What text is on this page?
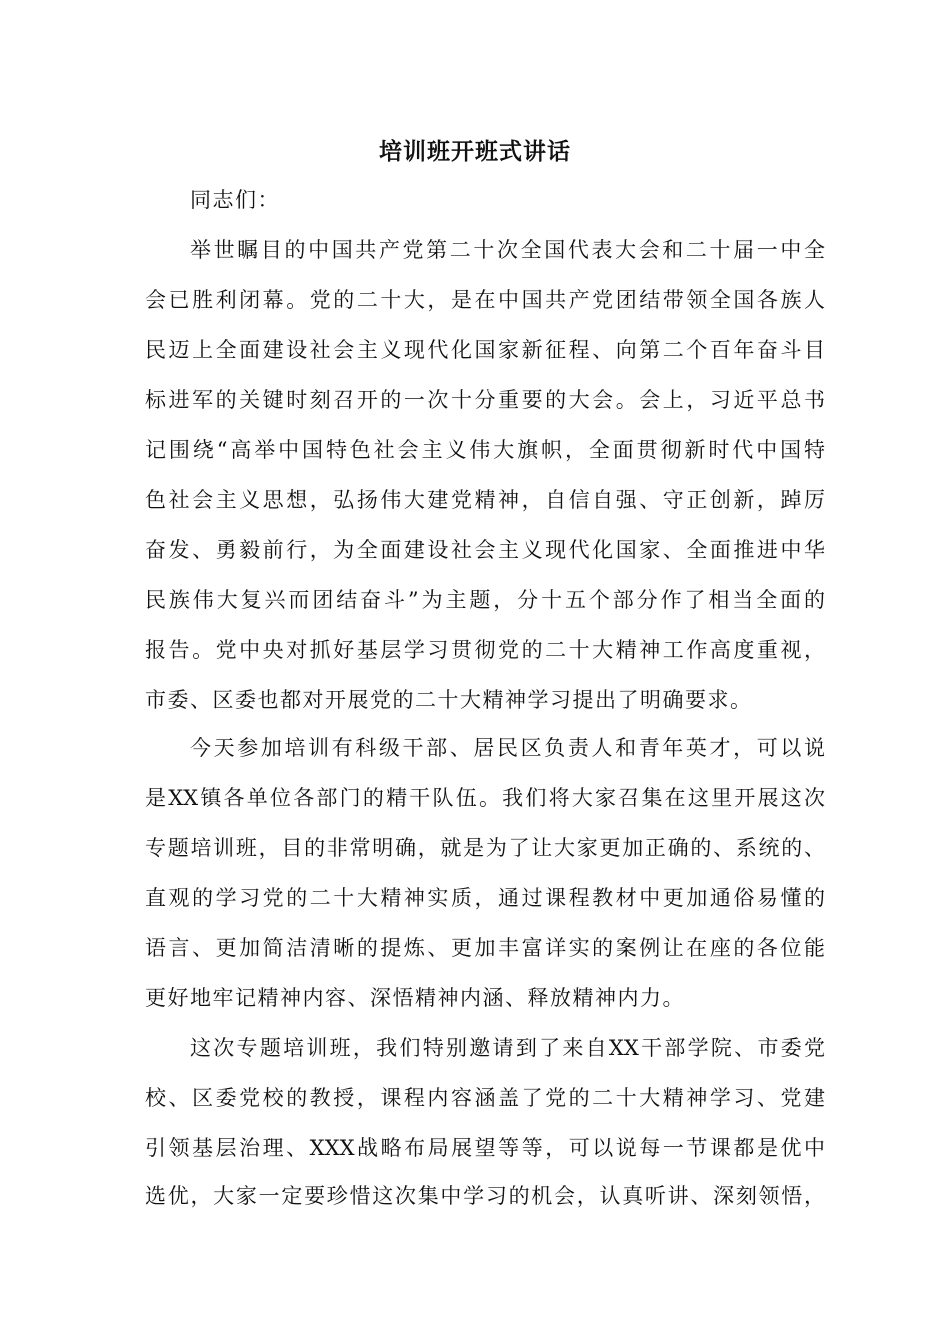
培训班开班式讲话
同志们：
举世瞩目的中国共产党第二十次全国代表大会和二十届一中全
会已胜利闭幕。党的二十大，是在中国共产党团结带领全国各族人
民迈上全面建设社会主义现代化国家新征程、向第二个百年奋斗目
标进军的关键时刻召开的一次十分重要的大会。会上，习近平总书
记围绕“高举中国特色社会主义伟大旗帜，全面贯彻新时代中国特
色社会主义思想，弘扬伟大建党精神，自信自强、守正创新，踔厉
奋发、勇毅前行，为全面建设社会主义现代化国家、全面推进中华
民族伟大复兴而团结奋斗”为主题，分十五个部分作了相当全面的
报告。党中央对抓好基层学习贯彻党的二十大精神工作高度重视，
市委、区委也都对开展党的二十大精神学习提出了明确要求。
今天参加培训有科级干部、居民区负责人和青年英才，可以说
是XX镇各单位各部门的精干队伍。我们将大家召集在这里开展这次
专题培训班，目的非常明确，就是为了让大家更加正确的、系统的、
直观的学习党的二十大精神实质，通过课程教材中更加通俗易懂的
语言、更加简洁清晰的提炼、更加丰富详实的案例让在座的各位能
更好地牢记精神内容、深悟精神内涵、释放精神内力。
这次专题培训班，我们特别邀请到了来自XX干部学院、市委党
校、区委党校的教授，课程内容涵盖了党的二十大精神学习、党建
引领基层治理、XXX战略布局展望等等，可以说每一节课都是优中
选优，大家一定要珍惜这次集中学习的机会，认真听讲、深刻领悟，
